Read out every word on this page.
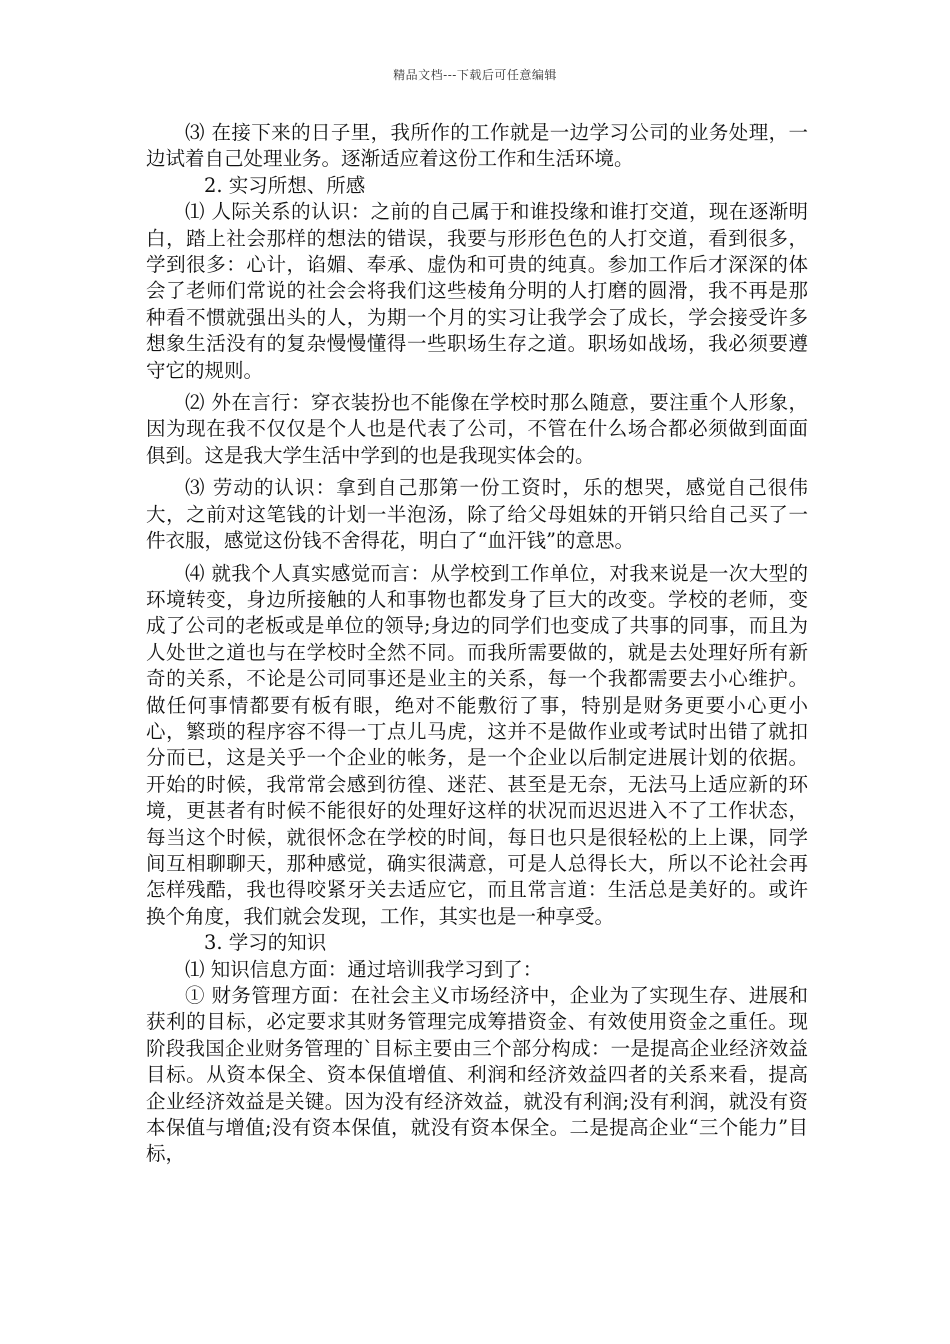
精品文档---下载后可任意编辑

⑶ 在接下来的日子里，我所作的工作就是一边学习公司的业务处理，一边试着自己处理业务。逐渐适应着这份工作和生活环境。

2. 实习所想、所感

⑴ 人际关系的认识：之前的自己属于和谁投缘和谁打交道，现在逐渐明白，踏上社会那样的想法的错误，我要与形形色色的人打交道，看到很多，学到很多：心计，谄媚、奉承、虚伪和可贵的纯真。参加工作后才深深的体会了老师们常说的社会会将我们这些棱角分明的人打磨的圆滑，我不再是那种看不惯就强出头的人，为期一个月的实习让我学会了成长，学会接受许多想象生活没有的复杂慢慢懂得一些职场生存之道。职场如战场，我必须要遵守它的规则。

⑵ 外在言行：穿衣装扮也不能像在学校时那么随意，要注重个人形象，因为现在我不仅仅是个人也是代表了公司，不管在什么场合都必须做到面面俱到。这是我大学生活中学到的也是我现实体会的。

⑶ 劳动的认识：拿到自己那第一份工资时，乐的想哭，感觉自己很伟大，之前对这笔钱的计划一半泡汤，除了给父母姐妹的开销只给自己买了一件衣服，感觉这份钱不舍得花，明白了“血汗钱”的意思。

⑷ 就我个人真实感觉而言：从学校到工作单位，对我来说是一次大型的环境转变，身边所接触的人和事物也都发身了巨大的改变。学校的老师，变成了公司的老板或是单位的领导;身边的同学们也变成了共事的同事，而且为人处世之道也与在学校时全然不同。而我所需要做的，就是去处理好所有新奇的关系，不论是公司同事还是业主的关系，每一个我都需要去小心维护。做任何事情都要有板有眼，绝对不能敷衍了事，特别是财务更要小心更小心，繁琐的程序容不得一丁点儿马虎，这并不是做作业或考试时出错了就扣分而已，这是关乎一个企业的帐务，是一个企业以后制定进展计划的依据。开始的时候，我常常会感到彷徨、迷茫、甚至是无奈，无法马上适应新的环境，更甚者有时候不能很好的处理好这样的状况而迟迟进入不了工作状态，每当这个时候，就很怀念在学校的时间，每日也只是很轻松的上上课，同学间互相聊聊天，那种感觉，确实很满意，可是人总得长大，所以不论社会再怎样残酷，我也得咬紧牙关去适应它，而且常言道：生活总是美好的。或许换个角度，我们就会发现，工作，其实也是一种享受。

3. 学习的知识

⑴ 知识信息方面：通过培训我学习到了：

① 财务管理方面：在社会主义市场经济中，企业为了实现生存、进展和获利的目标，必定要求其财务管理完成筹措资金、有效使用资金之重任。现阶段我国企业财务管理的`目标主要由三个部分构成：一是提高企业经济效益目标。从资本保全、资本保值增值、利润和经济效益四者的关系来看，提高企业经济效益是关键。因为没有经济效益，就没有利润;没有利润，就没有资本保值与增值;没有资本保值，就没有资本保全。二是提高企业“三个能力”目标，
